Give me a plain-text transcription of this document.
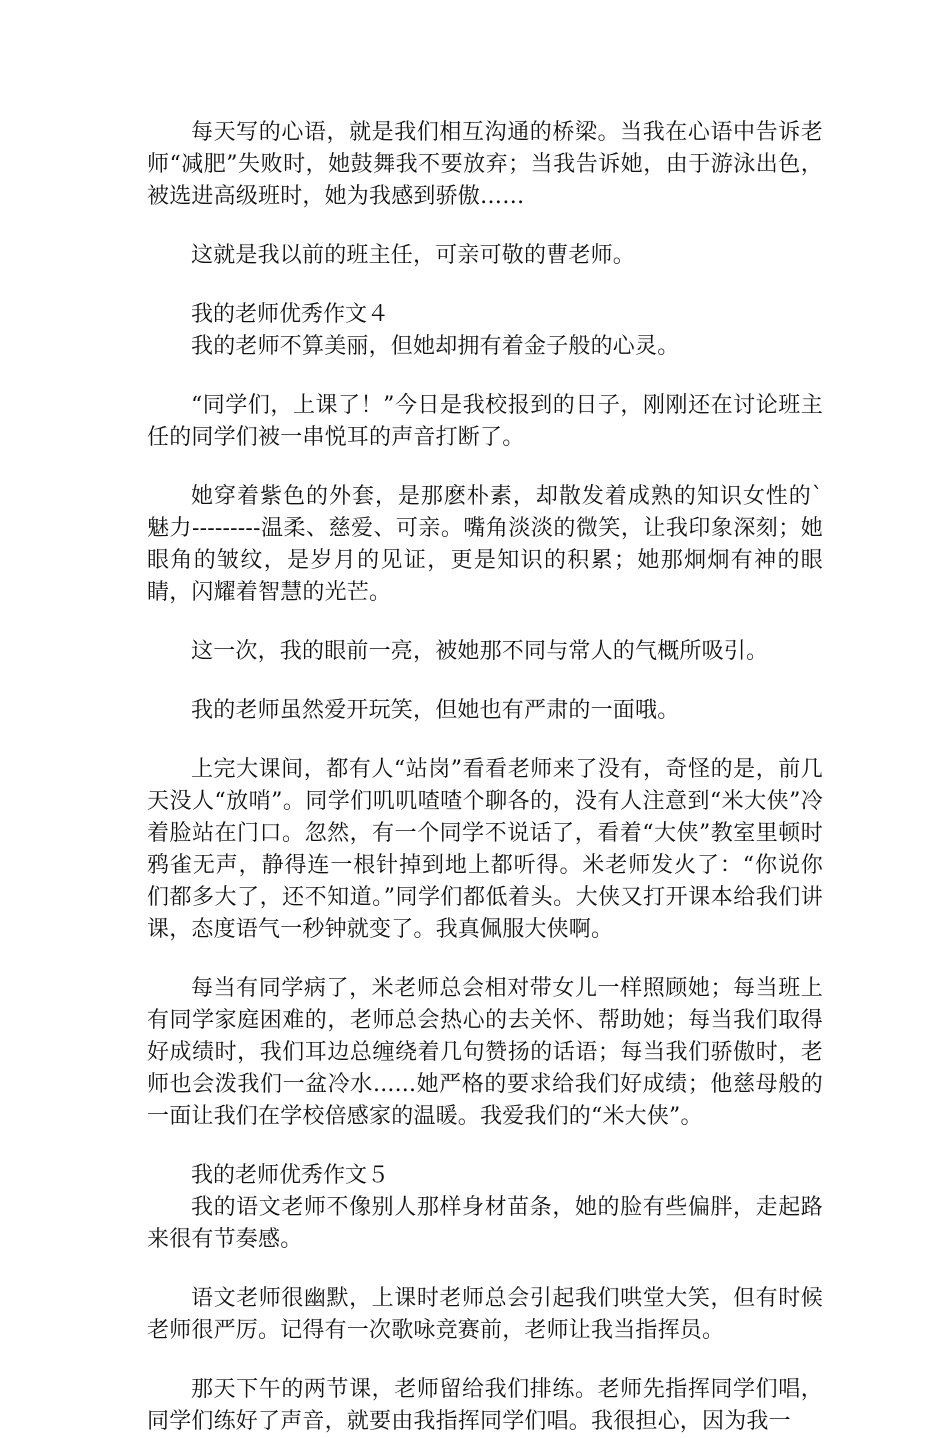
每天写的心语，就是我们相互沟通的桥梁。当我在心语中告诉老师“减肥”失败时，她鼓舞我不要放弃；当我告诉她，由于游泳出色，被选进高级班时，她为我感到骄傲……

这就是我以前的班主任，可亲可敬的曹老师。

我的老师优秀作文４

我的老师不算美丽，但她却拥有着金子般的心灵。

“同学们，上课了！”今日是我校报到的日子，刚刚还在讨论班主任的同学们被一串悦耳的声音打断了。

她穿着紫色的外套，是那麽朴素，却散发着成熟的知识女性的`魅力---------温柔、慈爱、可亲。嘴角淡淡的微笑，让我印象深刻；她眼角的皱纹，是岁月的见证，更是知识的积累；她那炯炯有神的眼睛，闪耀着智慧的光芒。

这一次，我的眼前一亮，被她那不同与常人的气概所吸引。

我的老师虽然爱开玩笑，但她也有严肃的一面哦。

上完大课间，都有人“站岗”看看老师来了没有，奇怪的是，前几天没人“放哨”。同学们叽叽喳喳个聊各的，没有人注意到“米大侠”冷着脸站在门口。忽然，有一个同学不说话了，看着“大侠”教室里顿时鸦雀无声，静得连一根针掉到地上都听得。米老师发火了：“你说你们都多大了，还不知道。”同学们都低着头。大侠又打开课本给我们讲课，态度语气一秒钟就变了。我真佩服大侠啊。

每当有同学病了，米老师总会相对带女儿一样照顾她；每当班上有同学家庭困难的，老师总会热心的去关怀、帮助她；每当我们取得好成绩时，我们耳边总缠绕着几句赞扬的话语；每当我们骄傲时，老师也会泼我们一盆冷水......她严格的要求给我们好成绩；他慈母般的一面让我们在学校倍感家的温暖。我爱我们的“米大侠”。

我的老师优秀作文５

我的语文老师不像别人那样身材苗条，她的脸有些偏胖，走起路来很有节奏感。

语文老师很幽默，上课时老师总会引起我们哄堂大笑，但有时候老师很严厉。记得有一次歌咏竞赛前，老师让我当指挥员。

那天下午的两节课，老师留给我们排练。老师先指挥同学们唱，同学们练好了声音，就要由我指挥同学们唱。我很担心，因为我一
